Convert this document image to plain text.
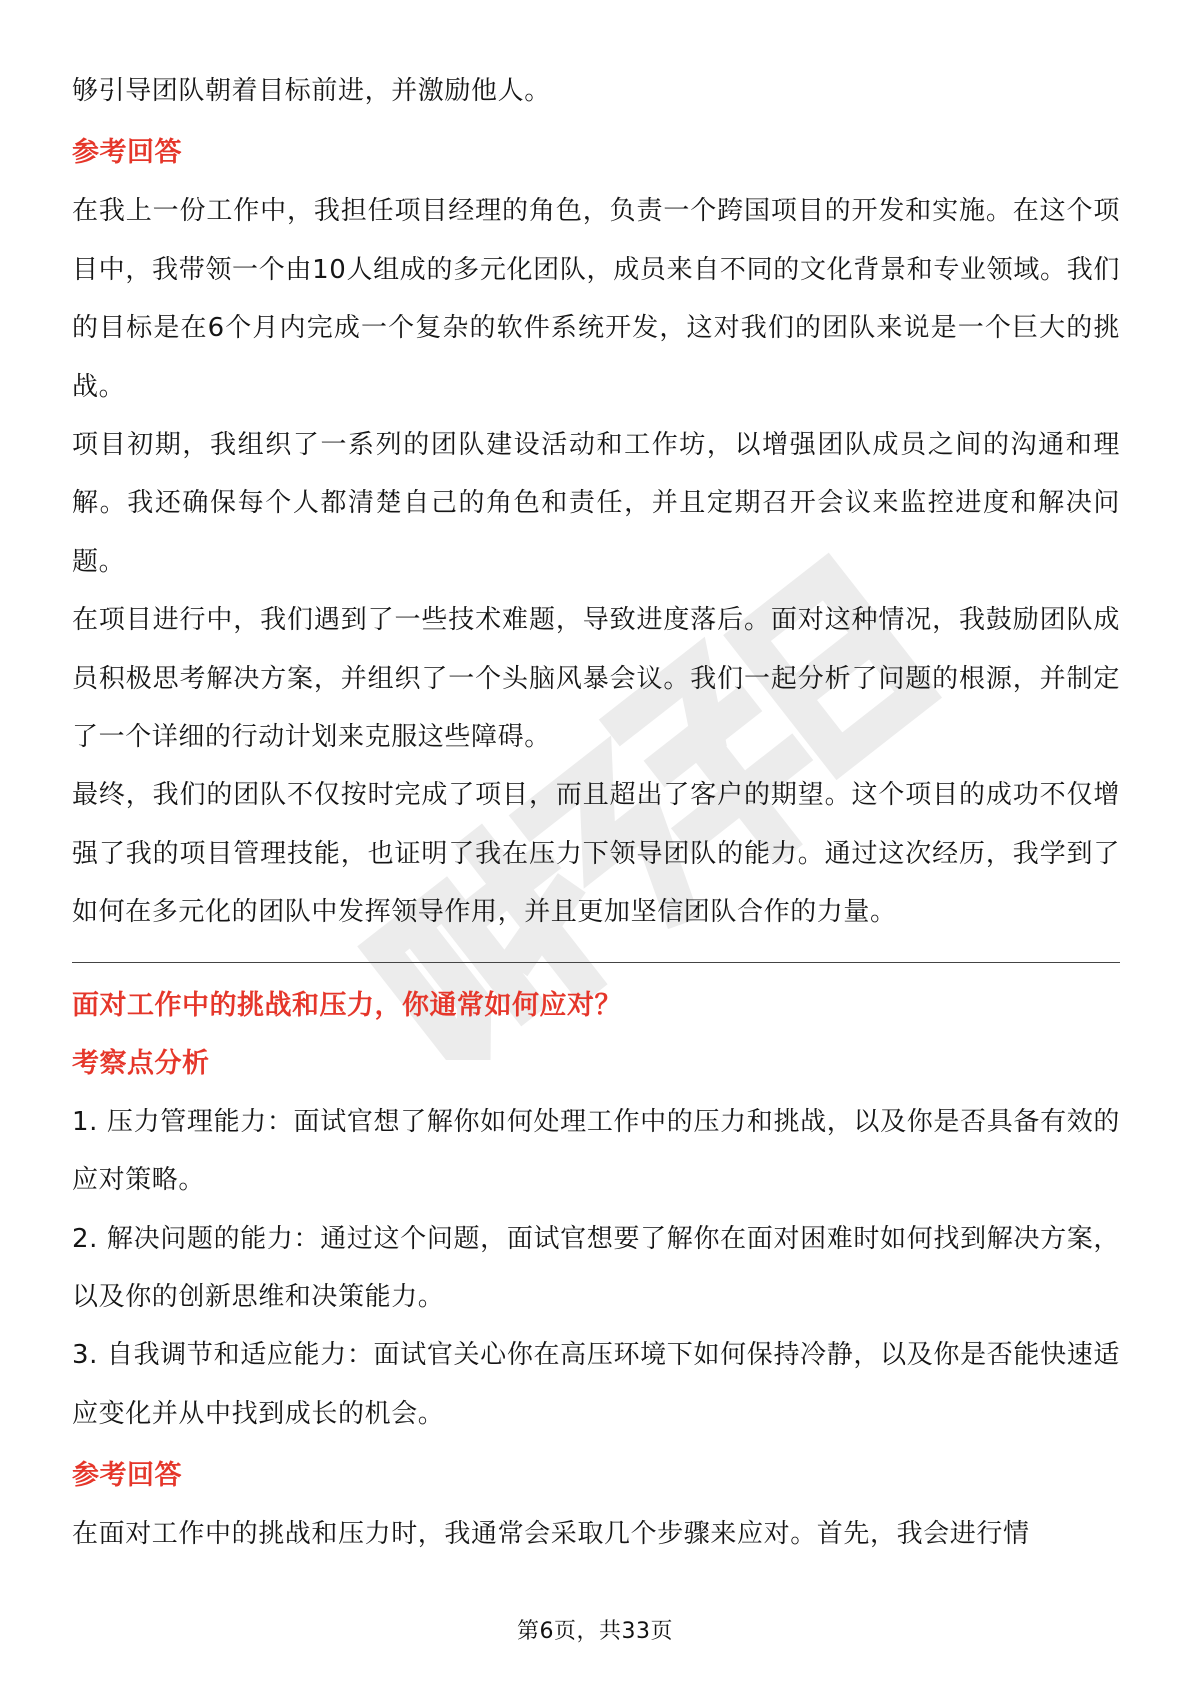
够引导团队朝着目标前进，并激励他人。

参考回答

在我上一份工作中，我担任项目经理的角色，负责一个跨国项目的开发和实施。在这个项目中，我带领一个由10人组成的多元化团队，成员来自不同的文化背景和专业领域。我们的目标是在6个月内完成一个复杂的软件系统开发，这对我们的团队来说是一个巨大的挑战。

项目初期，我组织了一系列的团队建设活动和工作坊，以增强团队成员之间的沟通和理解。我还确保每个人都清楚自己的角色和责任，并且定期召开会议来监控进度和解决问题。

在项目进行中，我们遇到了一些技术难题，导致进度落后。面对这种情况，我鼓励团队成员积极思考解决方案，并组织了一个头脑风暴会议。我们一起分析了问题的根源，并制定了一个详细的行动计划来克服这些障碍。

最终，我们的团队不仅按时完成了项目，而且超出了客户的期望。这个项目的成功不仅增强了我的项目管理技能，也证明了我在压力下领导团队的能力。通过这次经历，我学到了如何在多元化的团队中发挥领导作用，并且更加坚信团队合作的力量。

面对工作中的挑战和压力，你通常如何应对？
考察点分析

1. 压力管理能力：面试官想了解你如何处理工作中的压力和挑战，以及你是否具备有效的应对策略。

2. 解决问题的能力：通过这个问题，面试官想要了解你在面对困难时如何找到解决方案，以及你的创新思维和决策能力。

3. 自我调节和适应能力：面试官关心你在高压环境下如何保持冷静，以及你是否能快速适应变化并从中找到成长的机会。

参考回答

在面对工作中的挑战和压力时，我通常会采取几个步骤来应对。首先，我会进行情

第6页，共33页
